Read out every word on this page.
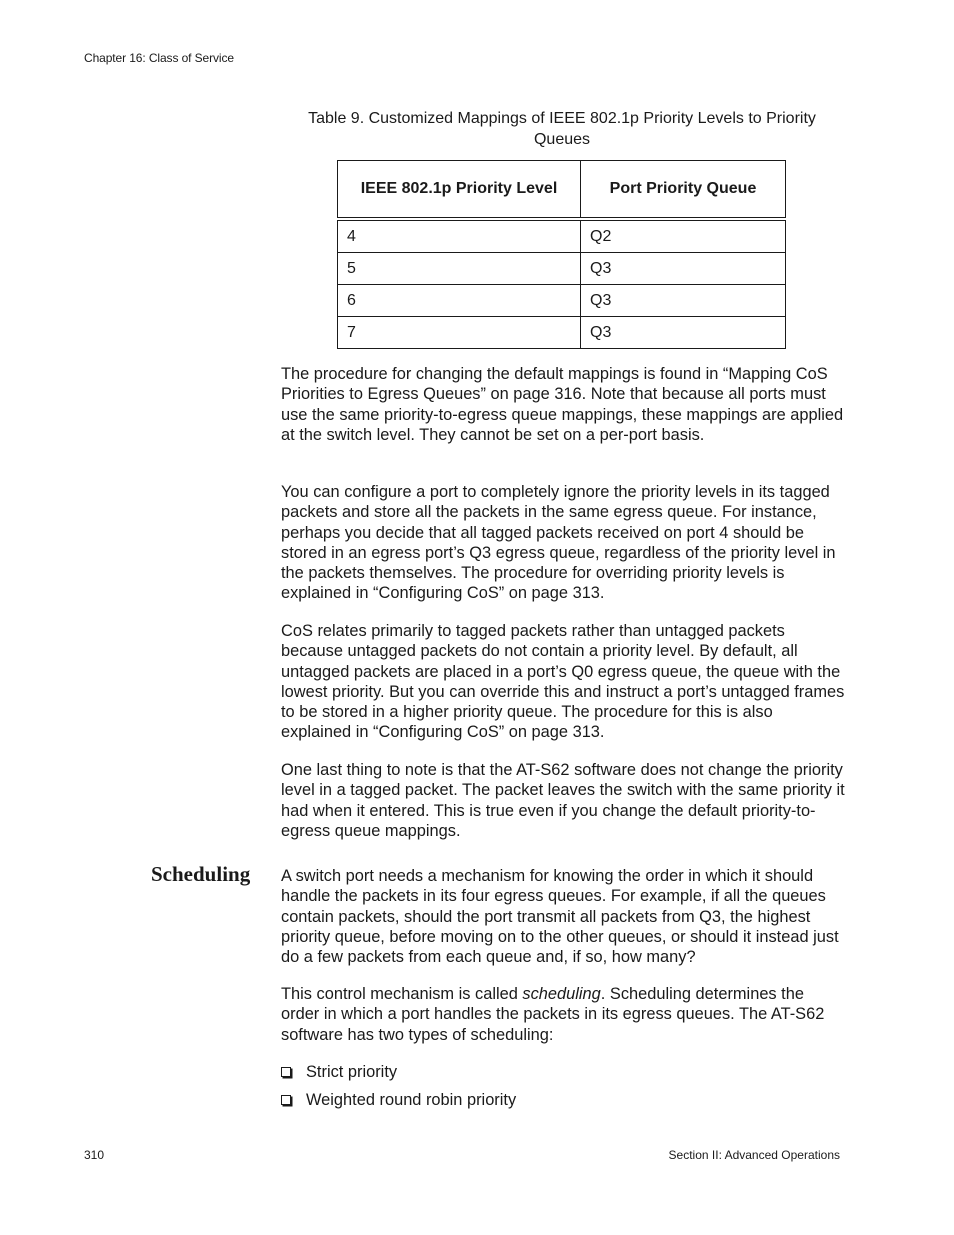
Chapter 16: Class of Service
Table 9. Customized Mappings of IEEE 802.1p Priority Levels to Priority Queues
IEEE 802.1p Priority Level	Port Priority Queue
4	Q2
5	Q3
6	Q3
7	Q3

The procedure for changing the default mappings is found in “Mapping CoS Priorities to Egress Queues” on page 316. Note that because all ports must use the same priority-to-egress queue mappings, these mappings are applied at the switch level. They cannot be set on a per-port basis.

You can configure a port to completely ignore the priority levels in its tagged packets and store all the packets in the same egress queue. For instance, perhaps you decide that all tagged packets received on port 4 should be stored in an egress port’s Q3 egress queue, regardless of the priority level in the packets themselves. The procedure for overriding priority levels is explained in “Configuring CoS” on page 313.

CoS relates primarily to tagged packets rather than untagged packets because untagged packets do not contain a priority level. By default, all untagged packets are placed in a port’s Q0 egress queue, the queue with the lowest priority. But you can override this and instruct a port’s untagged frames to be stored in a higher priority queue. The procedure for this is also explained in “Configuring CoS” on page 313.

One last thing to note is that the AT-S62 software does not change the priority level in a tagged packet. The packet leaves the switch with the same priority it had when it entered. This is true even if you change the default priority-to-egress queue mappings.

Scheduling A switch port needs a mechanism for knowing the order in which it should handle the packets in its four egress queues. For example, if all the queues contain packets, should the port transmit all packets from Q3, the highest priority queue, before moving on to the other queues, or should it instead just do a few packets from each queue and, if so, how many?

This control mechanism is called scheduling. Scheduling determines the order in which a port handles the packets in its egress queues. The AT-S62 software has two types of scheduling:

Strict priority
Weighted round robin priority
310	Section II: Advanced Operations
